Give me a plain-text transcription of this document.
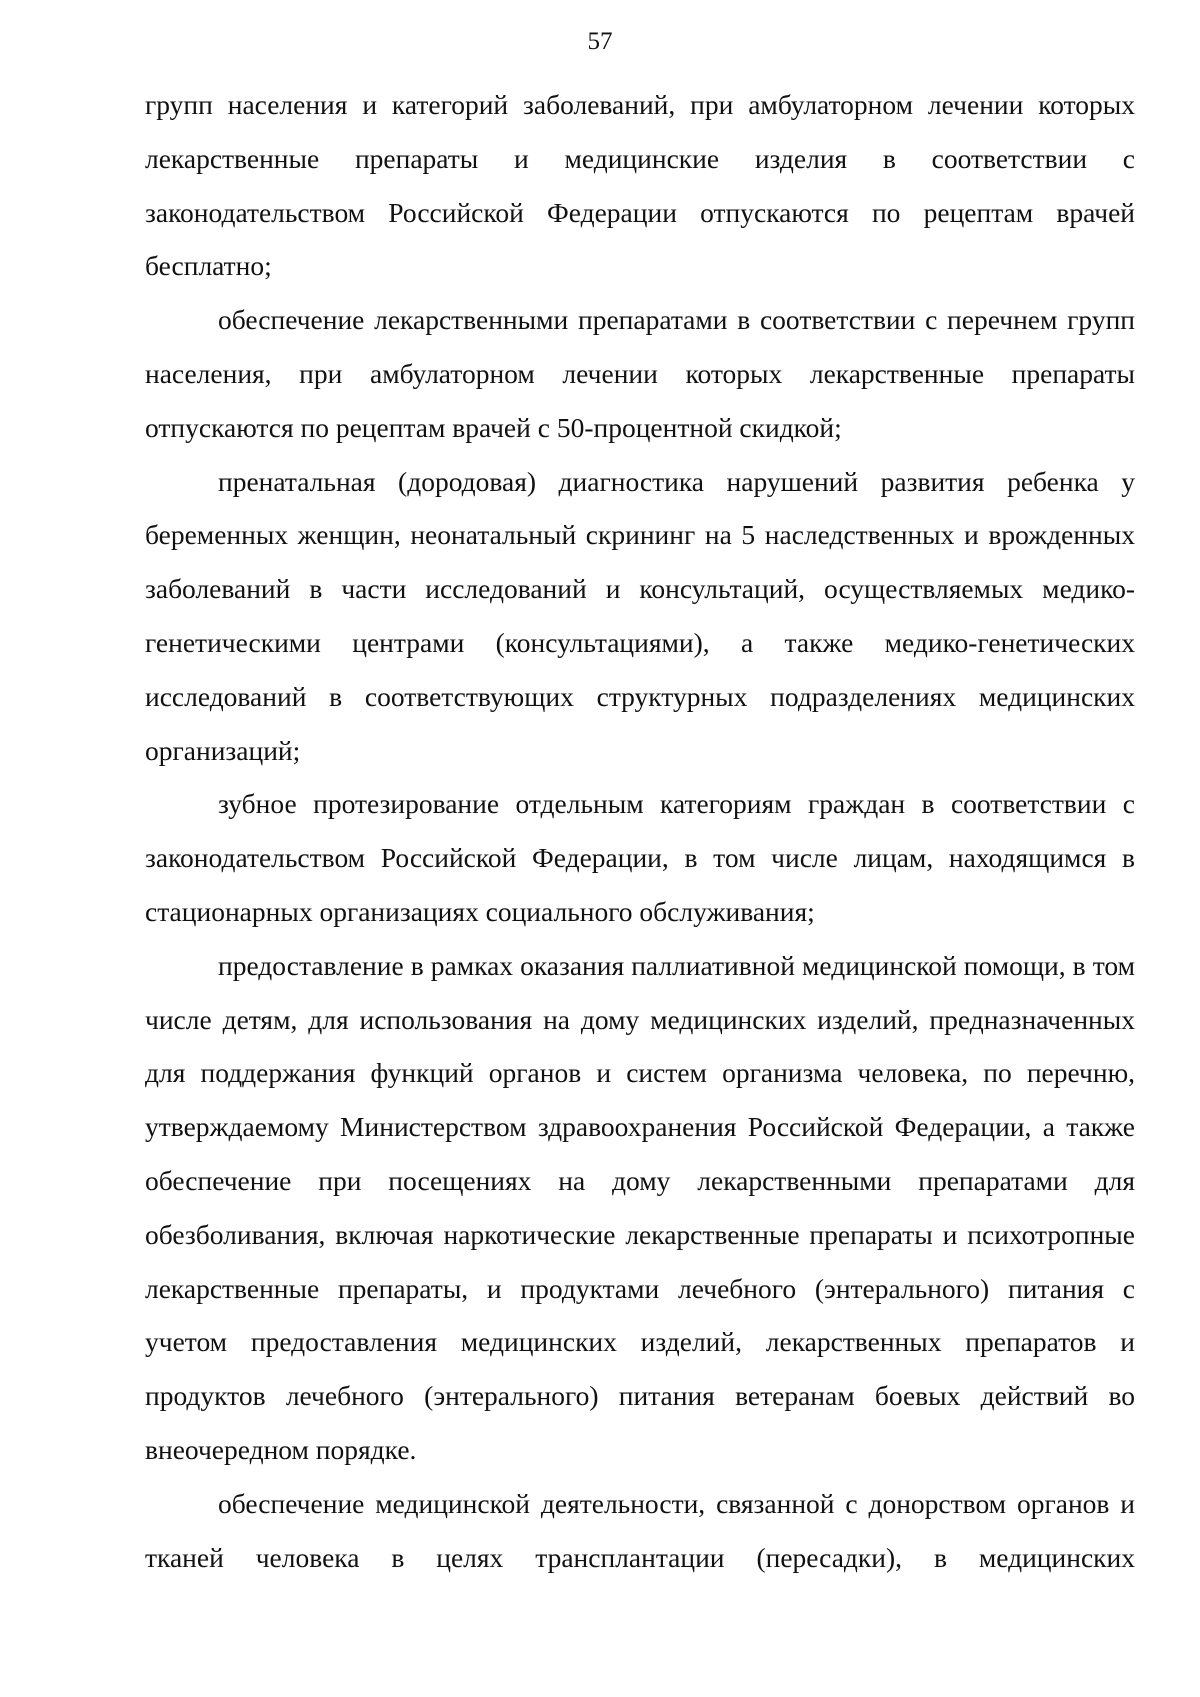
57

групп населения и категорий заболеваний, при амбулаторном лечении которых лекарственные препараты и медицинские изделия в соответствии с законодательством Российской Федерации отпускаются по рецептам врачей бесплатно;

обеспечение лекарственными препаратами в соответствии с перечнем групп населения, при амбулаторном лечении которых лекарственные препараты отпускаются по рецептам врачей с 50-процентной скидкой;

пренатальная (дородовая) диагностика нарушений развития ребенка у беременных женщин, неонатальный скрининг на 5 наследственных и врожденных заболеваний в части исследований и консультаций, осуществляемых медико-генетическими центрами (консультациями), а также медико-генетических исследований в соответствующих структурных подразделениях медицинских организаций;

зубное протезирование отдельным категориям граждан в соответствии с законодательством Российской Федерации, в том числе лицам, находящимся в стационарных организациях социального обслуживания;

предоставление в рамках оказания паллиативной медицинской помощи, в том числе детям, для использования на дому медицинских изделий, предназначенных для поддержания функций органов и систем организма человека, по перечню, утверждаемому Министерством здравоохранения Российской Федерации, а также обеспечение при посещениях на дому лекарственными препаратами для обезболивания, включая наркотические лекарственные препараты и психотропные лекарственные препараты, и продуктами лечебного (энтерального) питания с учетом предоставления медицинских изделий, лекарственных препаратов и продуктов лечебного (энтерального) питания ветеранам боевых действий во внеочередном порядке.

обеспечение медицинской деятельности, связанной с донорством органов и тканей человека в целях трансплантации (пересадки), в медицинских
